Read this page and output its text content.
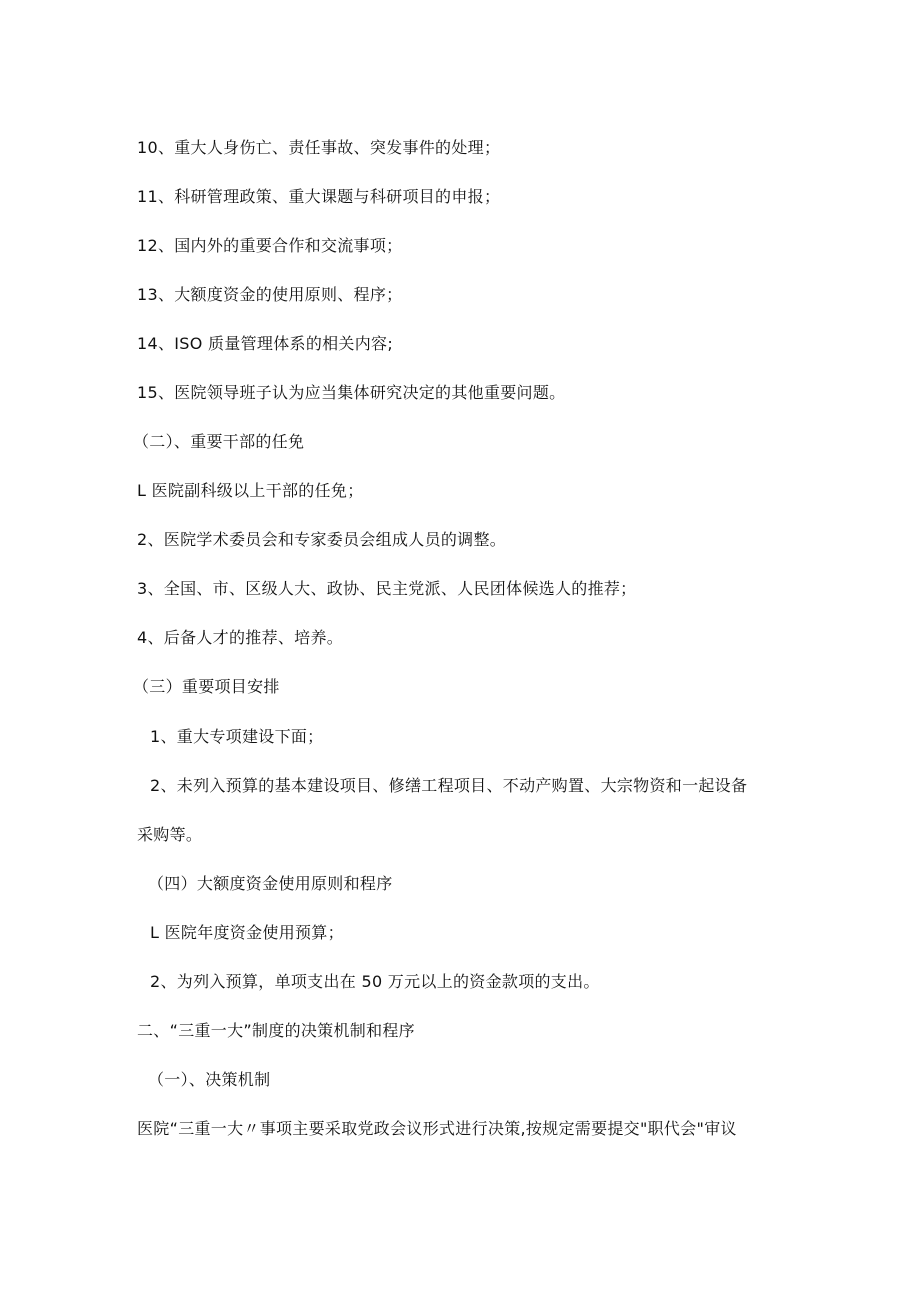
10、重大人身伤亡、责任事故、突发事件的处理；
11、科研管理政策、重大课题与科研项目的申报；
12、国内外的重要合作和交流事项；
13、大额度资金的使用原则、程序；
14、ISO 质量管理体系的相关内容;
15、医院领导班子认为应当集体研究决定的其他重要问题。
（二）、重要干部的任免
L 医院副科级以上干部的任免；
2、医院学术委员会和专家委员会组成人员的调整。
3、全国、市、区级人大、政协、民主党派、人民团体候选人的推荐；
4、后备人才的推荐、培养。
（三）重要项目安排
1、重大专项建设下面；
2、未列入预算的基本建设项目、修缮工程项目、不动产购置、大宗物资和一起设备
采购等。
（四）大额度资金使用原则和程序
L 医院年度资金使用预算；
2、为列入预算，单项支出在 50 万元以上的资金款项的支出。
二、“三重一大”制度的决策机制和程序
（一）、决策机制
医院“三重一大〃事项主要采取党政会议形式进行决策,按规定需要提交"职代会"审议
